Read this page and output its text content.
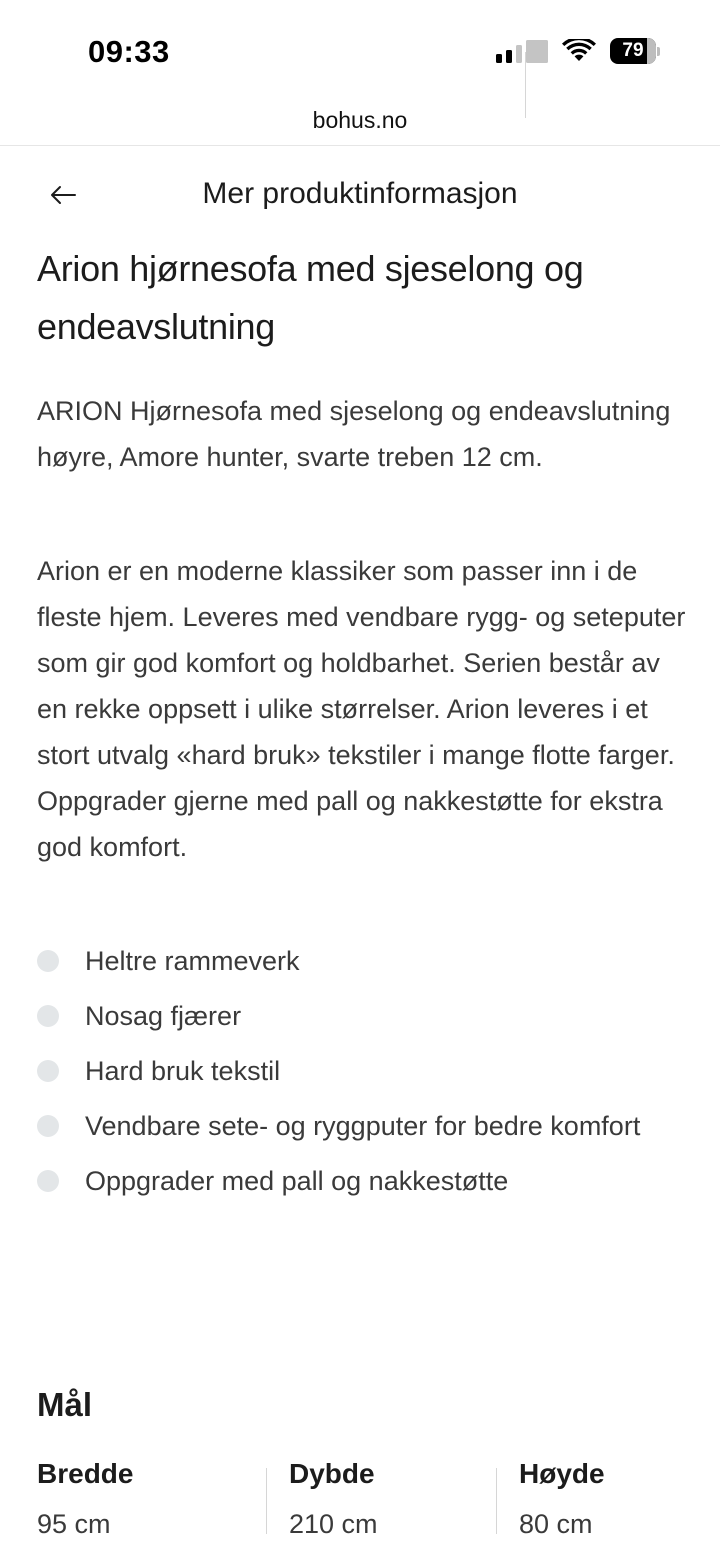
09:33	79
bohus.no
Mer produktinformasjon
Arion hjørnesofa med sjeselong og endeavslutning

ARION Hjørnesofa med sjeselong og endeavslutning høyre, Amore hunter, svarte treben 12 cm.

Arion er en moderne klassiker som passer inn i de fleste hjem. Leveres med vendbare rygg- og seteputer som gir god komfort og holdbarhet. Serien består av en rekke oppsett i ulike størrelser. Arion leveres i et stort utvalg «hard bruk» tekstiler i mange flotte farger. Oppgrader gjerne med pall og nakkestøtte for ekstra god komfort.

Heltre rammeverk
Nosag fjærer
Hard bruk tekstil
Vendbare sete- og ryggputer for bedre komfort
Oppgrader med pall og nakkestøtte
Mål
Bredde
95 cm
Dybde
210 cm
Høyde
80 cm
